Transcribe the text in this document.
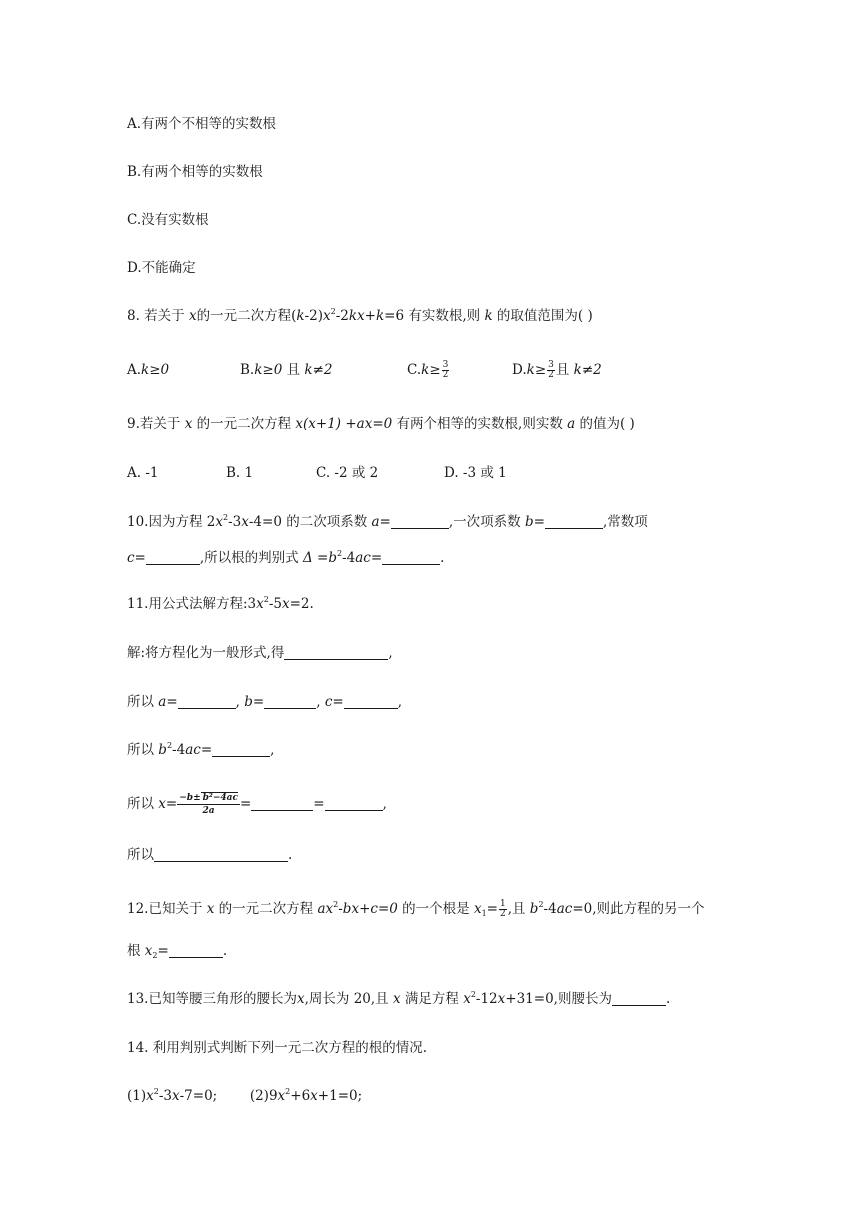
A.有两个不相等的实数根
B.有两个相等的实数根
C.没有实数根
D.不能确定
8. 若关于 x的一元二次方程$(k-2)x^2-2kx+k=6$ 有实数根,则 k 的取值范围为( )
A.k≥0	B.k≥0 且 k≠2	$C.k\ge \frac{3}{2}$	$D.k\ge \frac{3}{2}$ 且 k≠2
9.若关于 x 的一元二次方程 x(x+1) +ax=0 有两个相等的实数根,则实数 a 的值为( )
A. -1	B. 1	C. -2 或 2	D. -3 或 1
10.因为方程 $2x^2-3x-4=0$ 的二次项系数 a=	,一次项系数 b=	,常数项
c=	,所以根的判别式 $\Delta =b^2-4ac=$	.
11.用公式法解方程$:3x^2-5x=2$.
解:将方程化为一般形式,得	,
所以 a=	, b=	, c=	,
所以 $b^2-4ac=$	,
所以 $x= \frac{\text{−b± b²−4ac}}{2a}$ =	=	,
所以	.
12.已知关于 x 的一元二次方程 $ax^2-bx+c=0$ 的一个根是 $x_1= \frac{1}{2}$ ,且 $b^2-4ac=0$,则此方程的另一个
根 $x_2=$	.
13.已知等腰三角形的腰长为x,周长为 20,且 x 满足方程 $x^2-12x+31=0$,则腰长为	.
14. 利用判别式判断下列一元二次方程的根的情况.
$(1)x^2-3x-7=0$; $(2)9x^2+6x+1=0$;
